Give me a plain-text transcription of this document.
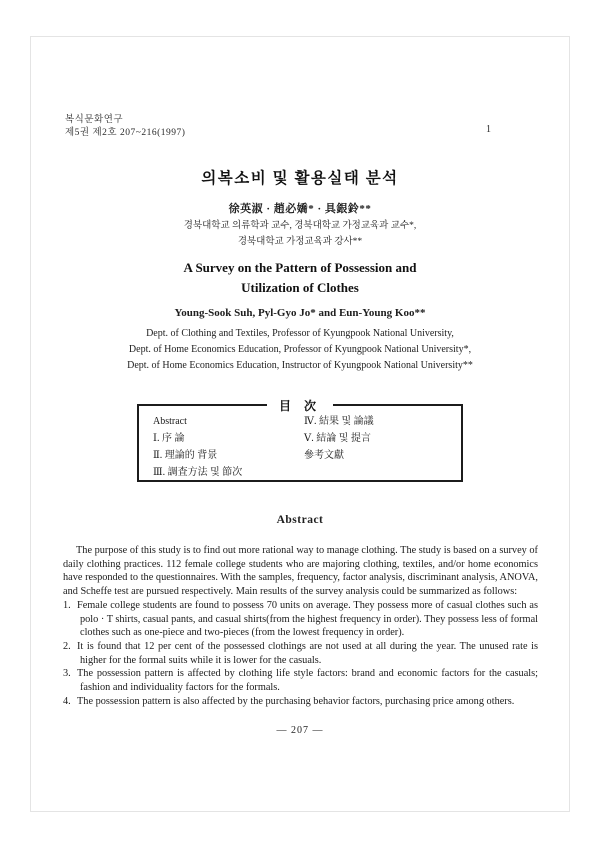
복식문화연구
제5권 제2호 207~216(1997)	1
의복소비 및 활용실태 분석
徐英淑 · 趙必嬌* · 具銀鈴**
경북대학교 의류학과 교수, 경북대학교 가정교육과 교수*,
경북대학교 가정교육과 강사**
A Survey on the Pattern of Possession and
Utilization of Clothes
Young-Sook Suh, Pyl-Gyo Jo* and Eun-Young Koo**
Dept. of Clothing and Textiles, Professor of Kyungpook National University,
Dept. of Home Economics Education, Professor of Kyungpook National University*,
Dept. of Home Economics Education, Instructor of Kyungpook National University**
目 次
Abstract
Ⅰ. 序 論
Ⅱ. 理論的 背景
Ⅲ. 調査方法 및 節次
Ⅳ. 結果 및 論議
Ⅴ. 結論 및 提言
參考文獻
Abstract

The purpose of this study is to find out more rational way to manage clothing. The study is based on a survey of daily clothing practices. 112 female college students who are majoring clothing, textiles, and/or home economics have responded to the questionnaires. With the samples, frequency, factor analysis, discriminant analysis, ANOVA, and Scheffe test are pursued respectively. Main results of the survey analysis could be summarized as follows:

1. Female college students are found to possess 70 units on average. They possess more of casual clothes such as polo · T shirts, casual pants, and casual shirts(from the highest frequency in order). They possess less of formal clothes such as one-piece and two-pieces (from the lowest frequency in order).

2. It is found that 12 per cent of the possessed clothings are not used at all during the year. The unused rate is higher for the formal suits while it is lower for the casuals.

3. The possession pattern is affected by clothing life style factors: brand and economic factors for the casuals; fashion and individuality factors for the formals.

4. The possession pattern is also affected by the purchasing behavior factors, purchasing price among others.

— 207 —
